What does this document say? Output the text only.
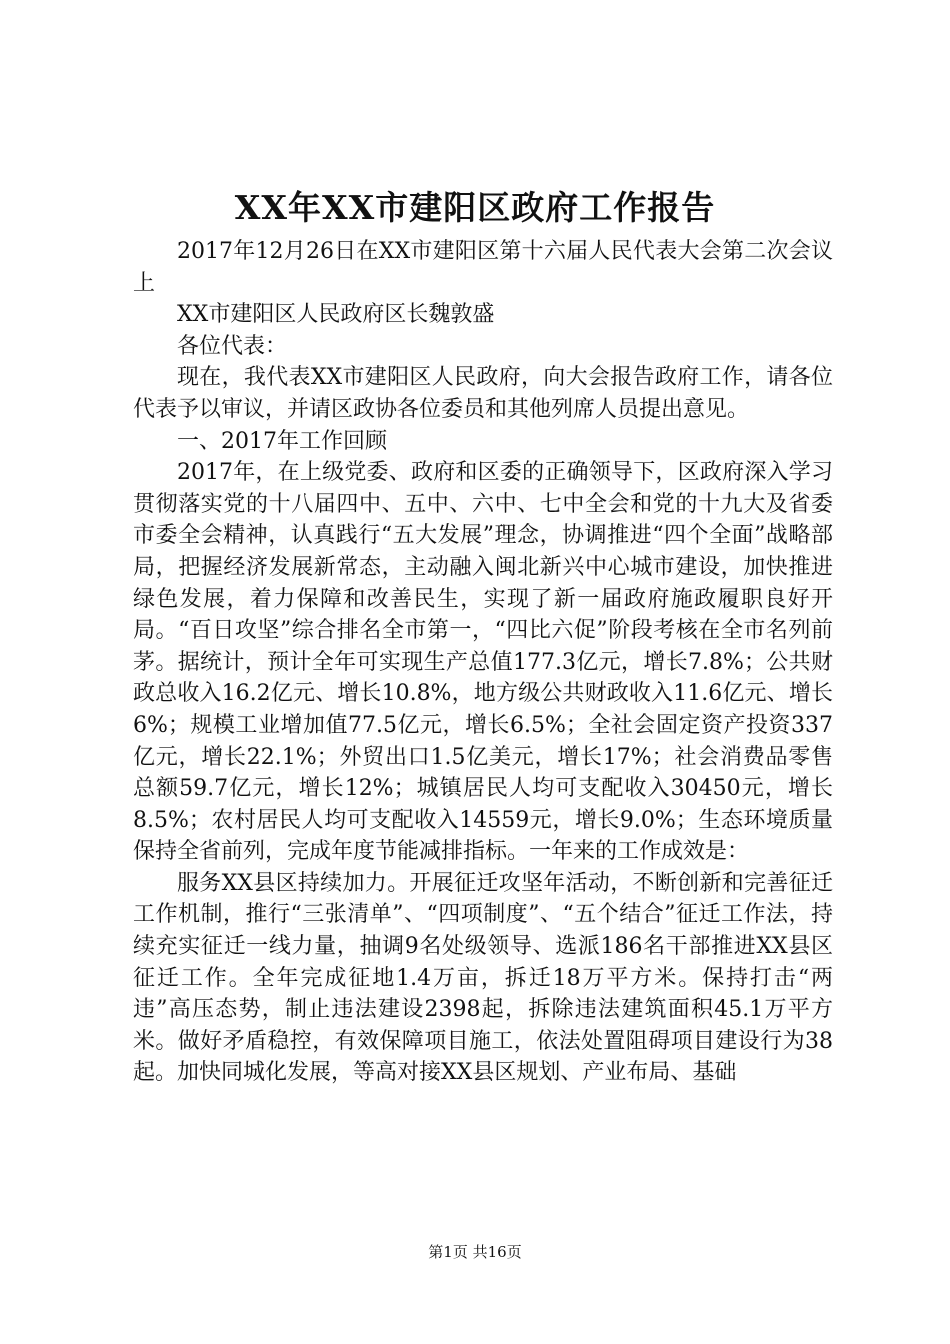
XX年XX市建阳区政府工作报告

2017年12月26日在XX市建阳区第十六届人民代表大会第二次会议上

XX市建阳区人民政府区长魏敦盛

各位代表：

现在，我代表XX市建阳区人民政府，向大会报告政府工作，请各位代表予以审议，并请区政协各位委员和其他列席人员提出意见。

一、2017年工作回顾

2017年，在上级党委、政府和区委的正确领导下，区政府深入学习贯彻落实党的十八届四中、五中、六中、七中全会和党的十九大及省委市委全会精神，认真践行“五大发展”理念，协调推进“四个全面”战略部局，把握经济发展新常态，主动融入闽北新兴中心城市建设，加快推进绿色发展，着力保障和改善民生，实现了新一届政府施政履职良好开局。“百日攻坚”综合排名全市第一，“四比六促”阶段考核在全市名列前茅。据统计，预计全年可实现生产总值177.3亿元，增长7.8%；公共财政总收入16.2亿元、增长10.8%，地方级公共财政收入11.6亿元、增长6%；规模工业增加值77.5亿元，增长6.5%；全社会固定资产投资337亿元，增长22.1%；外贸出口1.5亿美元，增长17%；社会消费品零售总额59.7亿元，增长12%；城镇居民人均可支配收入30450元，增长8.5%；农村居民人均可支配收入14559元，增长9.0%；生态环境质量保持全省前列，完成年度节能减排指标。一年来的工作成效是：

服务XX县区持续加力。开展征迁攻坚年活动，不断创新和完善征迁工作机制，推行“三张清单”、“四项制度”、“五个结合”征迁工作法，持续充实征迁一线力量，抽调9名处级领导、选派186名干部推进XX县区征迁工作。全年完成征地1.4万亩，拆迁18万平方米。保持打击“两违”高压态势，制止违法建设2398起，拆除违法建筑面积45.1万平方米。做好矛盾稳控，有效保障项目施工，依法处置阻碍项目建设行为38起。加快同城化发展，等高对接XX县区规划、产业布局、基础

第1页 共16页
